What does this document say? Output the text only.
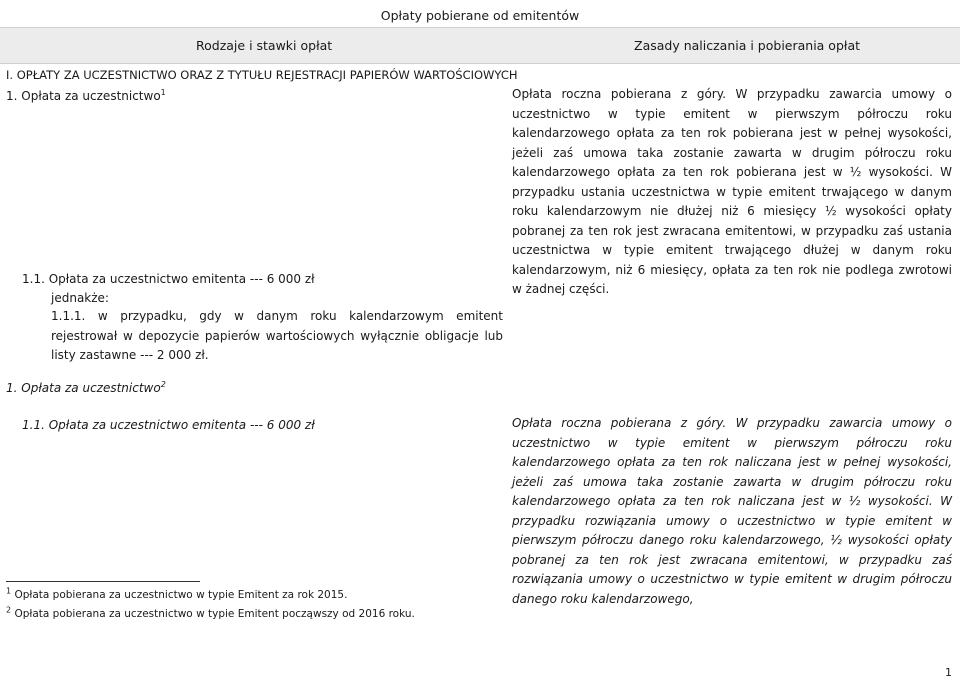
Opłaty pobierane od emitentów
Rodzaje i stawki opłat	Zasady naliczania i pobierania opłat
I. OPŁATY ZA UCZESTNICTWO ORAZ Z TYTUŁU REJESTRACJI PAPIERÓW WARTOŚCIOWYCH
1. Opłata za uczestnictwo$^1$	Opłata roczna pobierana z góry. W przypadku zawarcia umowy o uczestnictwo w typie emitent w pierwszym półroczu roku kalendarzowego opłata za ten rok pobierana jest w pełnej wysokości, jeżeli zaś umowa taka zostanie zawarta w drugim półroczu roku kalendarzowego opłata za ten rok pobierana jest w ½ wysokości. W przypadku ustania uczestnictwa w typie emitent trwającego w danym roku kalendarzowym nie dłużej niż 6 miesięcy ½ wysokości opłaty pobranej za ten rok jest zwracana emitentowi, w przypadku zaś ustania uczestnictwa w typie emitent trwającego dłużej w danym roku kalendarzowym, niż 6 miesięcy, opłata za ten rok nie podlega zwrotowi w żadnej części.
1.1. Opłata za uczestnictwo emitenta --- 6 000 zł
jednakże:
1.1.1. w przypadku, gdy w danym roku kalendarzowym emitent rejestrował w depozycie papierów wartościowych wyłącznie obligacje lub listy zastawne --- 2 000 zł.
1. Opłata za uczestnictwo$^2$
1.1. Opłata za uczestnictwo emitenta --- 6 000 zł	Opłata roczna pobierana z góry. W przypadku zawarcia umowy o uczestnictwo w typie emitent w pierwszym półroczu roku kalendarzowego opłata za ten rok naliczana jest w pełnej wysokości, jeżeli zaś umowa taka zostanie zawarta w drugim półroczu roku kalendarzowego opłata za ten rok naliczana jest w ½ wysokości. W przypadku rozwiązania umowy o uczestnictwo w typie emitent w pierwszym półroczu danego roku kalendarzowego, ½ wysokości opłaty pobranej za ten rok jest zwracana emitentowi, w przypadku zaś rozwiązania umowy o uczestnictwo w typie emitent w drugim półroczu danego roku kalendarzowego,
$^1$ Opłata pobierana za uczestnictwo w typie Emitent za rok 2015.
$^2$ Opłata pobierana za uczestnictwo w typie Emitent począwszy od 2016 roku.
1
